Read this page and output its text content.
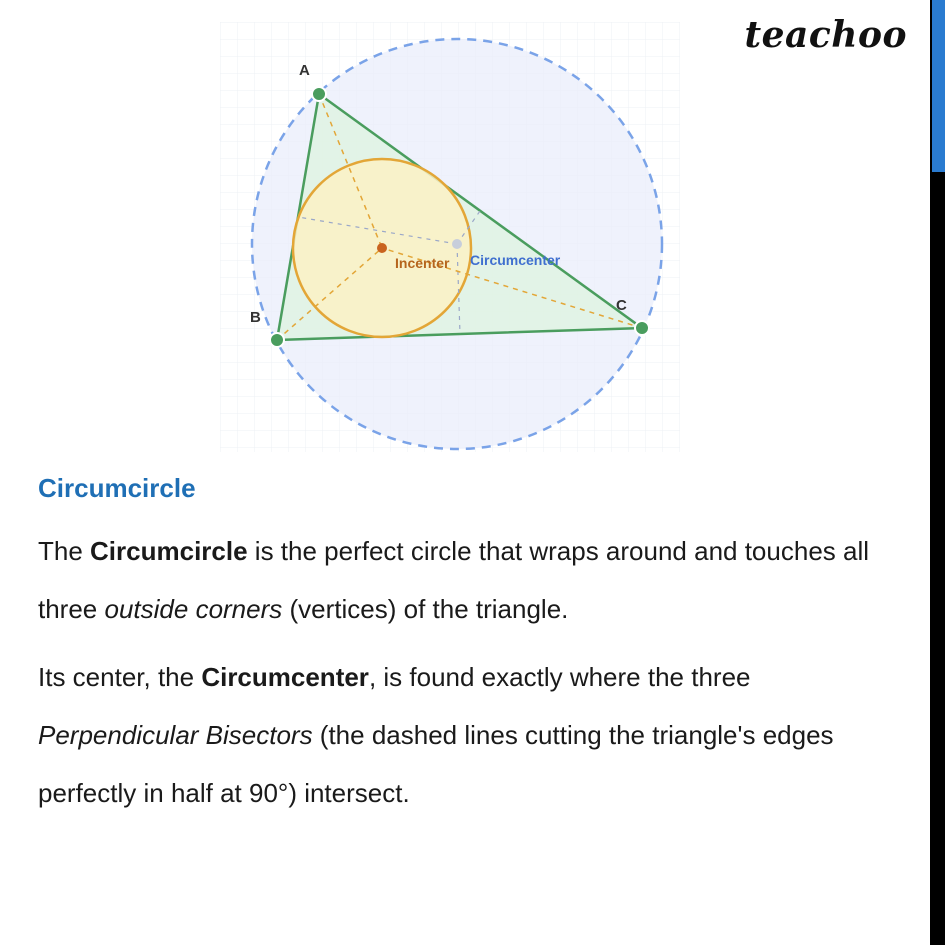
teachoo
A
B
C
Incenter Circumcenter
Circumcircle

The Circumcircle is the perfect circle that wraps around and touches all three outside corners (vertices) of the triangle.

Its center, the Circumcenter, is found exactly where the three Perpendicular Bisectors (the dashed lines cutting the triangle's edges perfectly in half at 90°) intersect.
